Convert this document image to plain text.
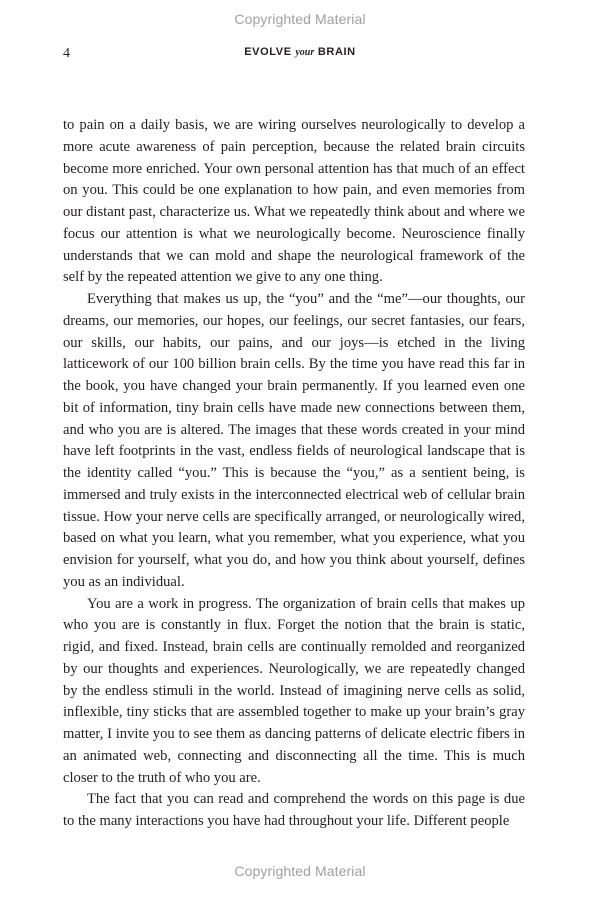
Copyrighted Material
4	EVOLVE your BRAIN

to pain on a daily basis, we are wiring ourselves neurologically to develop a more acute awareness of pain perception, because the related brain circuits become more enriched. Your own personal attention has that much of an effect on you. This could be one explanation to how pain, and even memories from our distant past, characterize us. What we repeatedly think about and where we focus our attention is what we neurologically become. Neuroscience finally understands that we can mold and shape the neurological framework of the self by the repeated attention we give to any one thing.

Everything that makes us up, the “you” and the “me”—our thoughts, our dreams, our memories, our hopes, our feelings, our secret fantasies, our fears, our skills, our habits, our pains, and our joys—is etched in the living latticework of our 100 billion brain cells. By the time you have read this far in the book, you have changed your brain permanently. If you learned even one bit of information, tiny brain cells have made new connections between them, and who you are is altered. The images that these words created in your mind have left footprints in the vast, endless fields of neurological landscape that is the identity called “you.” This is because the “you,” as a sentient being, is immersed and truly exists in the interconnected electrical web of cellular brain tissue. How your nerve cells are specifically arranged, or neurologically wired, based on what you learn, what you remember, what you experience, what you envision for yourself, what you do, and how you think about yourself, defines you as an individual.

You are a work in progress. The organization of brain cells that makes up who you are is constantly in flux. Forget the notion that the brain is static, rigid, and fixed. Instead, brain cells are continually remolded and reorganized by our thoughts and experiences. Neurologically, we are repeatedly changed by the endless stimuli in the world. Instead of imagining nerve cells as solid, inflexible, tiny sticks that are assembled together to make up your brain’s gray matter, I invite you to see them as dancing patterns of delicate electric fibers in an animated web, connecting and disconnecting all the time. This is much closer to the truth of who you are.

The fact that you can read and comprehend the words on this page is due to the many interactions you have had throughout your life. Different people

Copyrighted Material
